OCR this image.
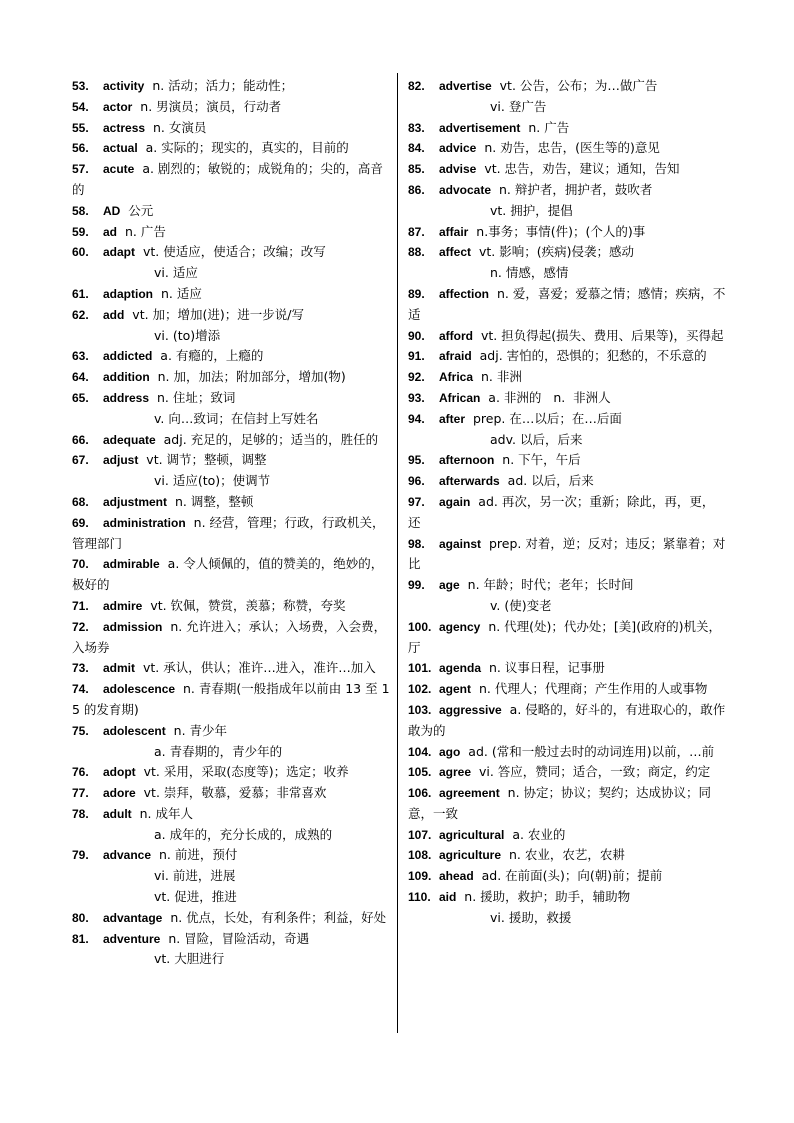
53. activity n. 活动；活力；能动性；
54. actor n. 男演员；演员，行动者
55. actress n. 女演员
56. actual a. 实际的；现实的，真实的，目前的
57. acute a. 剧烈的；敏锐的；成锐角的；尖的，高音的
58. AD 公元
59. ad n. 广告
60. adapt vt. 使适应，使适合；改编；改写
vi. 适应
61. adaption n. 适应
62. add vt. 加；增加(进)；进一步说/写
vi. (to)增添
63. addicted a. 有瘾的，上瘾的
64. addition n. 加，加法；附加部分，增加(物)
65. address n. 住址；致词
v. 向…致词；在信封上写姓名
66. adequate adj. 充足的，足够的；适当的，胜任的
67. adjust vt. 调节；整顿，调整
vi. 适应(to)；使调节
68. adjustment n. 调整，整顿
69. administration n. 经营，管理；行政，行政机关，管理部门
70. admirable a. 令人倾佩的，值的赞美的，绝妙的，极好的
71. admire vt. 钦佩，赞赏，羡慕；称赞，夸奖
72. admission n. 允许进入；承认；入场费，入会费，入场券
73. admit vt. 承认，供认；准许…进入，准许…加入
74. adolescence n. 青春期(一般指成年以前由 13 至 15 的发育期)
75. adolescent n. 青少年
a. 青春期的，青少年的
76. adopt vt. 采用，采取(态度等)；选定；收养
77. adore vt. 崇拜，敬慕，爱慕；非常喜欢
78. adult n. 成年人
a. 成年的，充分长成的，成熟的
79. advance n. 前进，预付
vi. 前进，进展
vt. 促进，推进
80. advantage n. 优点，长处，有利条件；利益，好处
81. adventure n. 冒险，冒险活动，奇遇
vt. 大胆进行
82. advertise vt. 公告，公布；为…做广告
vi. 登广告
83. advertisement n. 广告
84. advice n. 劝告，忠告，(医生等的)意见
85. advise vt. 忠告，劝告，建议；通知，告知
86. advocate n. 辩护者，拥护者，鼓吹者
vt. 拥护，提倡
87. affair n.事务；事情(件)；(个人的)事
88. affect vt. 影响；(疾病)侵袭；感动
n. 情感，感情
89. affection n. 爱，喜爱；爱慕之情；感情；疾病，不适
90. afford vt. 担负得起(损失、费用、后果等)，买得起
91. afraid adj. 害怕的，恐惧的；犯愁的，不乐意的
92. Africa n. 非洲
93. African a. 非洲的   n.  非洲人
94. after prep. 在…以后；在…后面
adv. 以后，后来
95. afternoon n. 下午，午后
96. afterwards ad. 以后，后来
97. again ad. 再次，另一次；重新；除此，再，更，还
98. against prep. 对着，逆；反对；违反；紧靠着；对比
99. age n. 年龄；时代；老年；长时间
v. (使)变老
100. agency n. 代理(处)；代办处；[美](政府的)机关，厅
101. agenda n. 议事日程，记事册
102. agent n. 代理人；代理商；产生作用的人或事物
103. aggressive a. 侵略的，好斗的，有进取心的，敢作敢为的
104. ago ad. (常和一般过去时的动词连用)以前，…前
105. agree vi. 答应，赞同；适合，一致；商定，约定
106. agreement n. 协定；协议；契约；达成协议；同意，一致
107. agricultural a. 农业的
108. agriculture n. 农业，农艺，农耕
109. ahead ad. 在前面(头)；向(朝)前；提前
110. aid n. 援助，救护；助手，辅助物
vi. 援助，救援
